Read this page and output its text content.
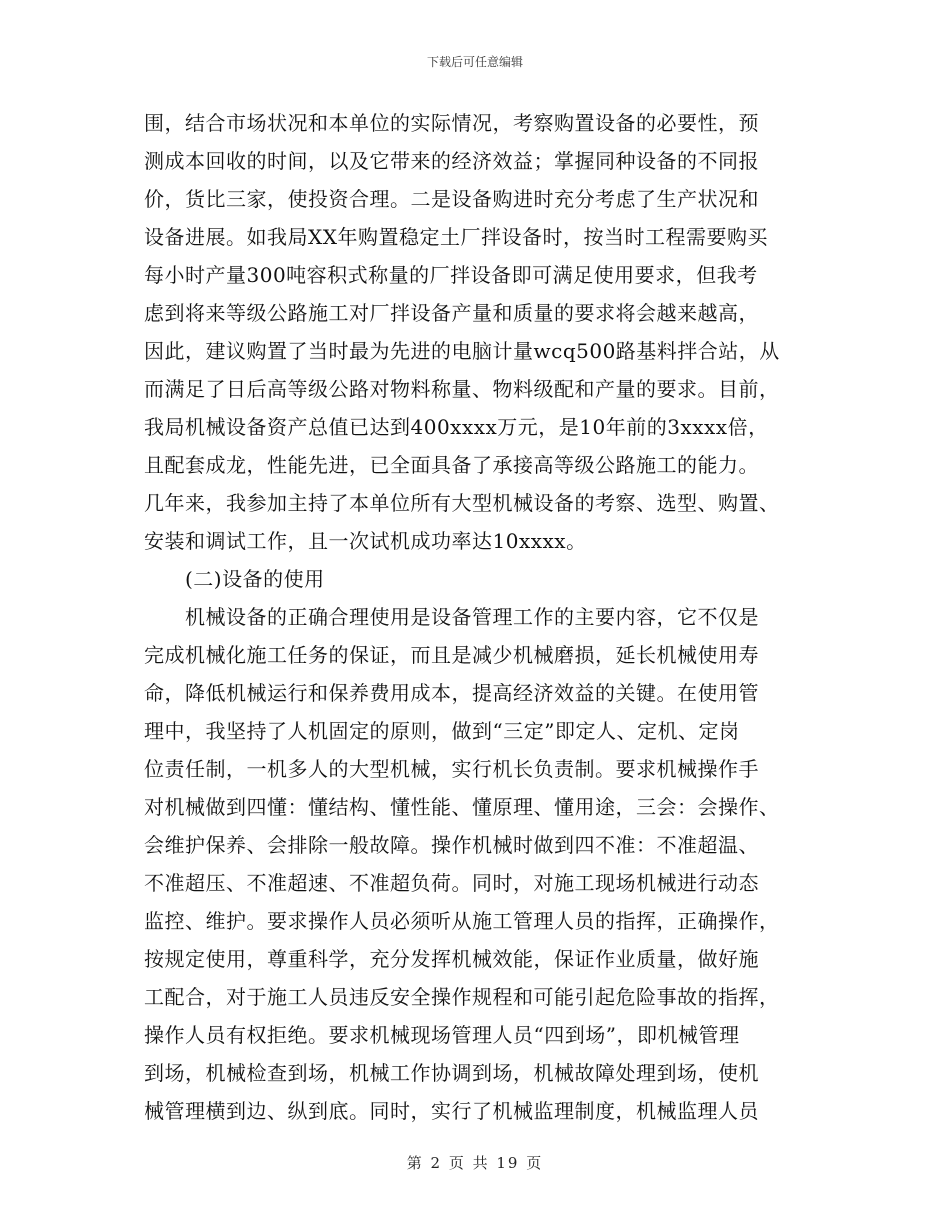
下载后可任意编辑
围，结合市场状况和本单位的实际情况，考察购置设备的必要性，预
测成本回收的时间，以及它带来的经济效益；掌握同种设备的不同报
价，货比三家，使投资合理。二是设备购进时充分考虑了生产状况和
设备进展。如我局XX年购置稳定土厂拌设备时，按当时工程需要购买
每小时产量300吨容积式称量的厂拌设备即可满足使用要求，但我考
虑到将来等级公路施工对厂拌设备产量和质量的要求将会越来越高，
因此，建议购置了当时最为先进的电脑计量wcq500路基料拌合站，从
而满足了日后高等级公路对物料称量、物料级配和产量的要求。目前，
我局机械设备资产总值已达到400xxxx万元，是10年前的3xxxx倍，
且配套成龙，性能先进，已全面具备了承接高等级公路施工的能力。
几年来，我参加主持了本单位所有大型机械设备的考察、选型、购置、
安装和调试工作，且一次试机成功率达10xxxx。
(二)设备的使用
机械设备的正确合理使用是设备管理工作的主要内容，它不仅是
完成机械化施工任务的保证，而且是减少机械磨损，延长机械使用寿
命，降低机械运行和保养费用成本，提高经济效益的关键。在使用管
理中，我坚持了人机固定的原则，做到“三定”即定人、定机、定岗
位责任制，一机多人的大型机械，实行机长负责制。要求机械操作手
对机械做到四懂：懂结构、懂性能、懂原理、懂用途，三会：会操作、
会维护保养、会排除一般故障。操作机械时做到四不准：不准超温、
不准超压、不准超速、不准超负荷。同时，对施工现场机械进行动态
监控、维护。要求操作人员必须听从施工管理人员的指挥，正确操作，
按规定使用，尊重科学，充分发挥机械效能，保证作业质量，做好施
工配合，对于施工人员违反安全操作规程和可能引起危险事故的指挥，
操作人员有权拒绝。要求机械现场管理人员“四到场”，即机械管理
到场，机械检查到场，机械工作协调到场，机械故障处理到场，使机
械管理横到边、纵到底。同时，实行了机械监理制度，机械监理人员
第 2 页 共 19 页
